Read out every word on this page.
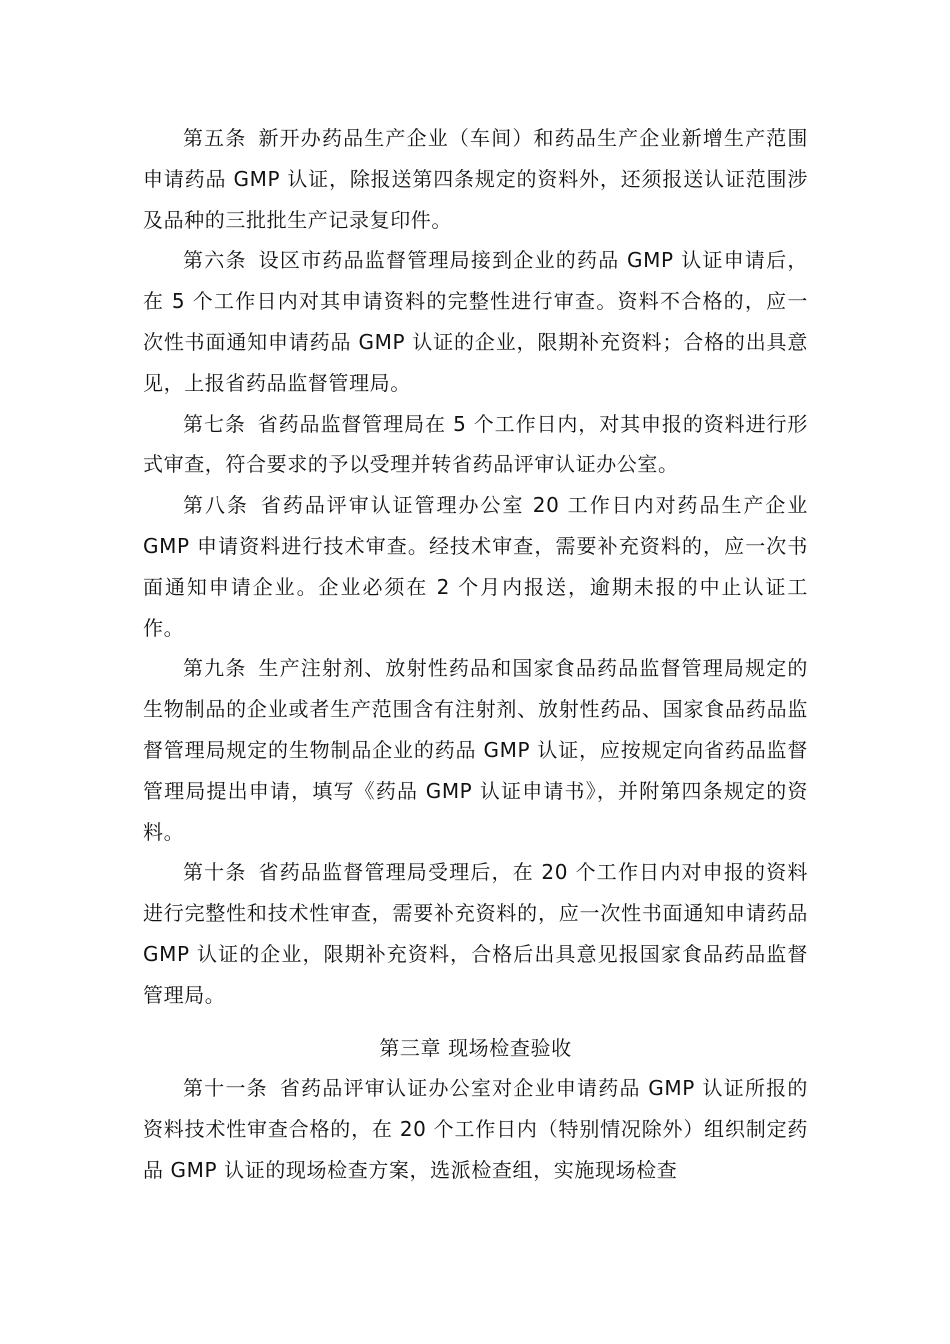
第五条 新开办药品生产企业（车间）和药品生产企业新增生产范围申请药品 GMP 认证，除报送第四条规定的资料外，还须报送认证范围涉及品种的三批批生产记录复印件。

第六条 设区市药品监督管理局接到企业的药品 GMP 认证申请后，在 5 个工作日内对其申请资料的完整性进行审查。资料不合格的，应一次性书面通知申请药品 GMP 认证的企业，限期补充资料；合格的出具意见，上报省药品监督管理局。

第七条 省药品监督管理局在 5 个工作日内，对其申报的资料进行形式审查，符合要求的予以受理并转省药品评审认证办公室。

第八条 省药品评审认证管理办公室 20 工作日内对药品生产企业 GMP 申请资料进行技术审查。经技术审查，需要补充资料的，应一次书面通知申请企业。企业必须在 2 个月内报送，逾期未报的中止认证工作。

第九条 生产注射剂、放射性药品和国家食品药品监督管理局规定的生物制品的企业或者生产范围含有注射剂、放射性药品、国家食品药品监督管理局规定的生物制品企业的药品 GMP 认证，应按规定向省药品监督管理局提出申请，填写《药品 GMP 认证申请书》，并附第四条规定的资料。

第十条 省药品监督管理局受理后，在 20 个工作日内对申报的资料进行完整性和技术性审查，需要补充资料的，应一次性书面通知申请药品 GMP 认证的企业，限期补充资料，合格后出具意见报国家食品药品监督管理局。

第三章 现场检查验收

第十一条 省药品评审认证办公室对企业申请药品 GMP 认证所报的资料技术性审查合格的，在 20 个工作日内（特别情况除外）组织制定药品 GMP 认证的现场检查方案，选派检查组，实施现场检查
